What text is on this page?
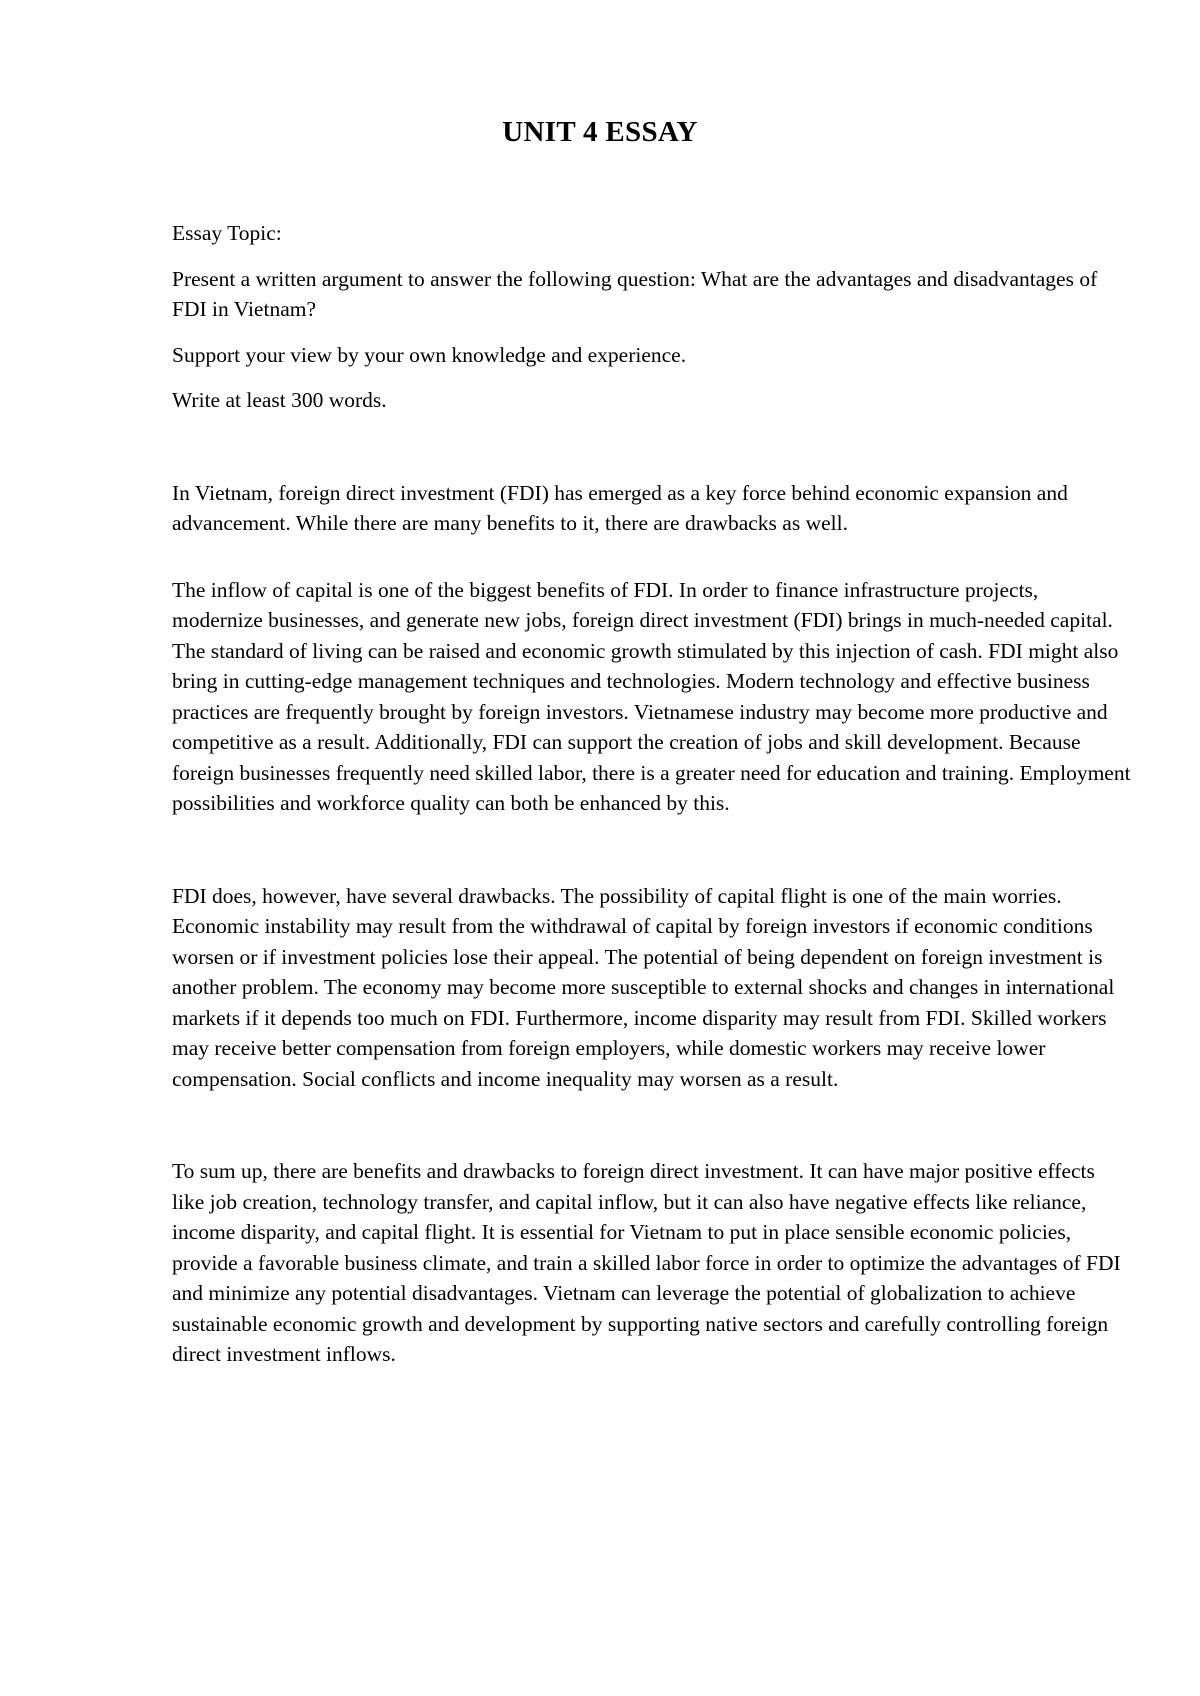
UNIT 4 ESSAY

Essay Topic:

Present a written argument to answer the following question: What are the advantages and disadvantages of FDI in Vietnam?

Support your view by your own knowledge and experience.

Write at least 300 words.

In Vietnam, foreign direct investment (FDI) has emerged as a key force behind economic expansion and advancement. While there are many benefits to it, there are drawbacks as well.

The inflow of capital is one of the biggest benefits of FDI. In order to finance infrastructure projects, modernize businesses, and generate new jobs, foreign direct investment (FDI) brings in much-needed capital. The standard of living can be raised and economic growth stimulated by this injection of cash. FDI might also bring in cutting-edge management techniques and technologies. Modern technology and effective business practices are frequently brought by foreign investors. Vietnamese industry may become more productive and competitive as a result. Additionally, FDI can support the creation of jobs and skill development. Because foreign businesses frequently need skilled labor, there is a greater need for education and training. Employment possibilities and workforce quality can both be enhanced by this.

FDI does, however, have several drawbacks. The possibility of capital flight is one of the main worries. Economic instability may result from the withdrawal of capital by foreign investors if economic conditions worsen or if investment policies lose their appeal. The potential of being dependent on foreign investment is another problem. The economy may become more susceptible to external shocks and changes in international markets if it depends too much on FDI. Furthermore, income disparity may result from FDI. Skilled workers may receive better compensation from foreign employers, while domestic workers may receive lower compensation. Social conflicts and income inequality may worsen as a result.

To sum up, there are benefits and drawbacks to foreign direct investment. It can have major positive effects like job creation, technology transfer, and capital inflow, but it can also have negative effects like reliance, income disparity, and capital flight. It is essential for Vietnam to put in place sensible economic policies, provide a favorable business climate, and train a skilled labor force in order to optimize the advantages of FDI and minimize any potential disadvantages. Vietnam can leverage the potential of globalization to achieve sustainable economic growth and development by supporting native sectors and carefully controlling foreign direct investment inflows.
